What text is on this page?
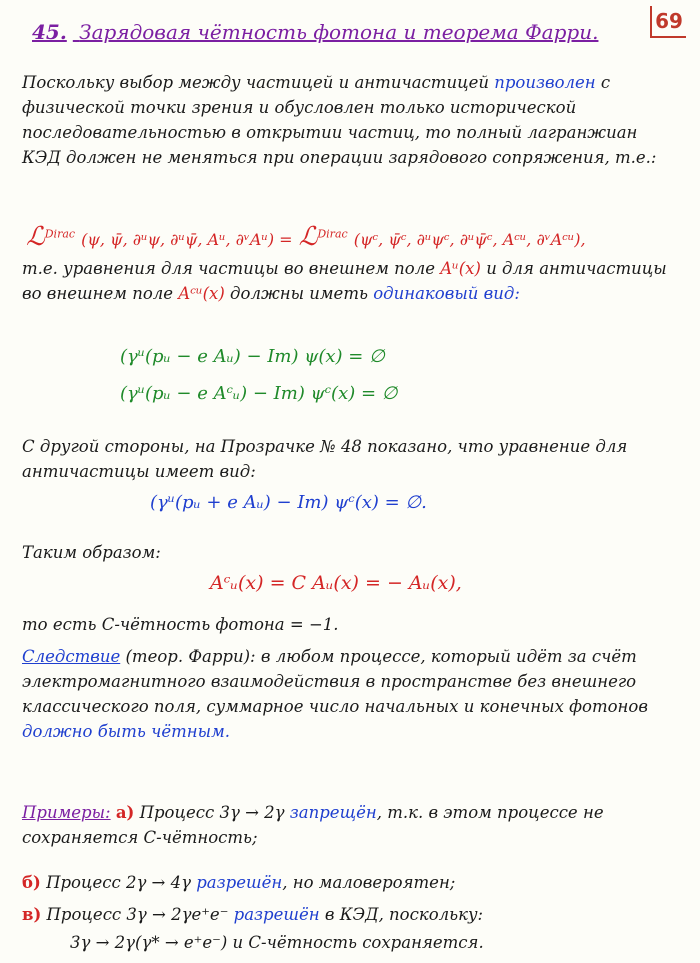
69
45. Зарядовая чётность фотона и теорема Фарри.
Поскольку выбор между частицей и античастицей произволен с физической точки зрения и обусловлен только исторической последовательностью в открытии частиц, то полный лагранжиан КЭД должен не меняться при операции зарядового сопряжения, т.е.:
ℒ$^{Dirac}$ (ψ, ψ̄, ∂ᵘψ, ∂ᵘψ̄, Aᵘ, ∂ᵛAᵘ) = ℒ$^{Dirac}$ (ψᶜ, ψ̄ᶜ, ∂ᵘψᶜ, ∂ᵘψ̄ᶜ, Aᶜᵘ, ∂ᵛAᶜᵘ),
т.е. уравнения для частицы во внешнем поле Aᵘ(x) и для античастицы во внешнем поле Aᶜᵘ(x) должны иметь одинаковый вид:
(γᵘ(pᵤ − e Aᵤ) − Im) ψ(x) = ∅
(γᵘ(pᵤ − e Aᶜᵤ) − Im) ψᶜ(x) = ∅
С другой стороны, на Прозрачке № 48 показано, что уравнение для античастицы имеет вид:
(γᵘ(pᵤ + e Aᵤ) − Im) ψᶜ(x) = ∅.
Таким образом:
Aᶜᵤ(x) = C Aᵤ(x) = − Aᵤ(x),
то есть С-чётность фотона = −1.
Следствие (теор. Фарри): в любом процессе, который идёт за счёт электромагнитного взаимодействия в пространстве без внешнего классического поля, суммарное число начальных и конечных фотонов должно быть чётным.
Примеры: а) Процесс 3γ → 2γ запрещён, т.к. в этом процессе не сохраняется С-чётность;
б) Процесс 2γ → 4γ разрешён, но маловероятен;
в) Процесс 3γ → 2γe⁺e⁻ разрешён в КЭД, поскольку:
3γ → 2γ(γ* → e⁺e⁻) и С-чётность сохраняется.
